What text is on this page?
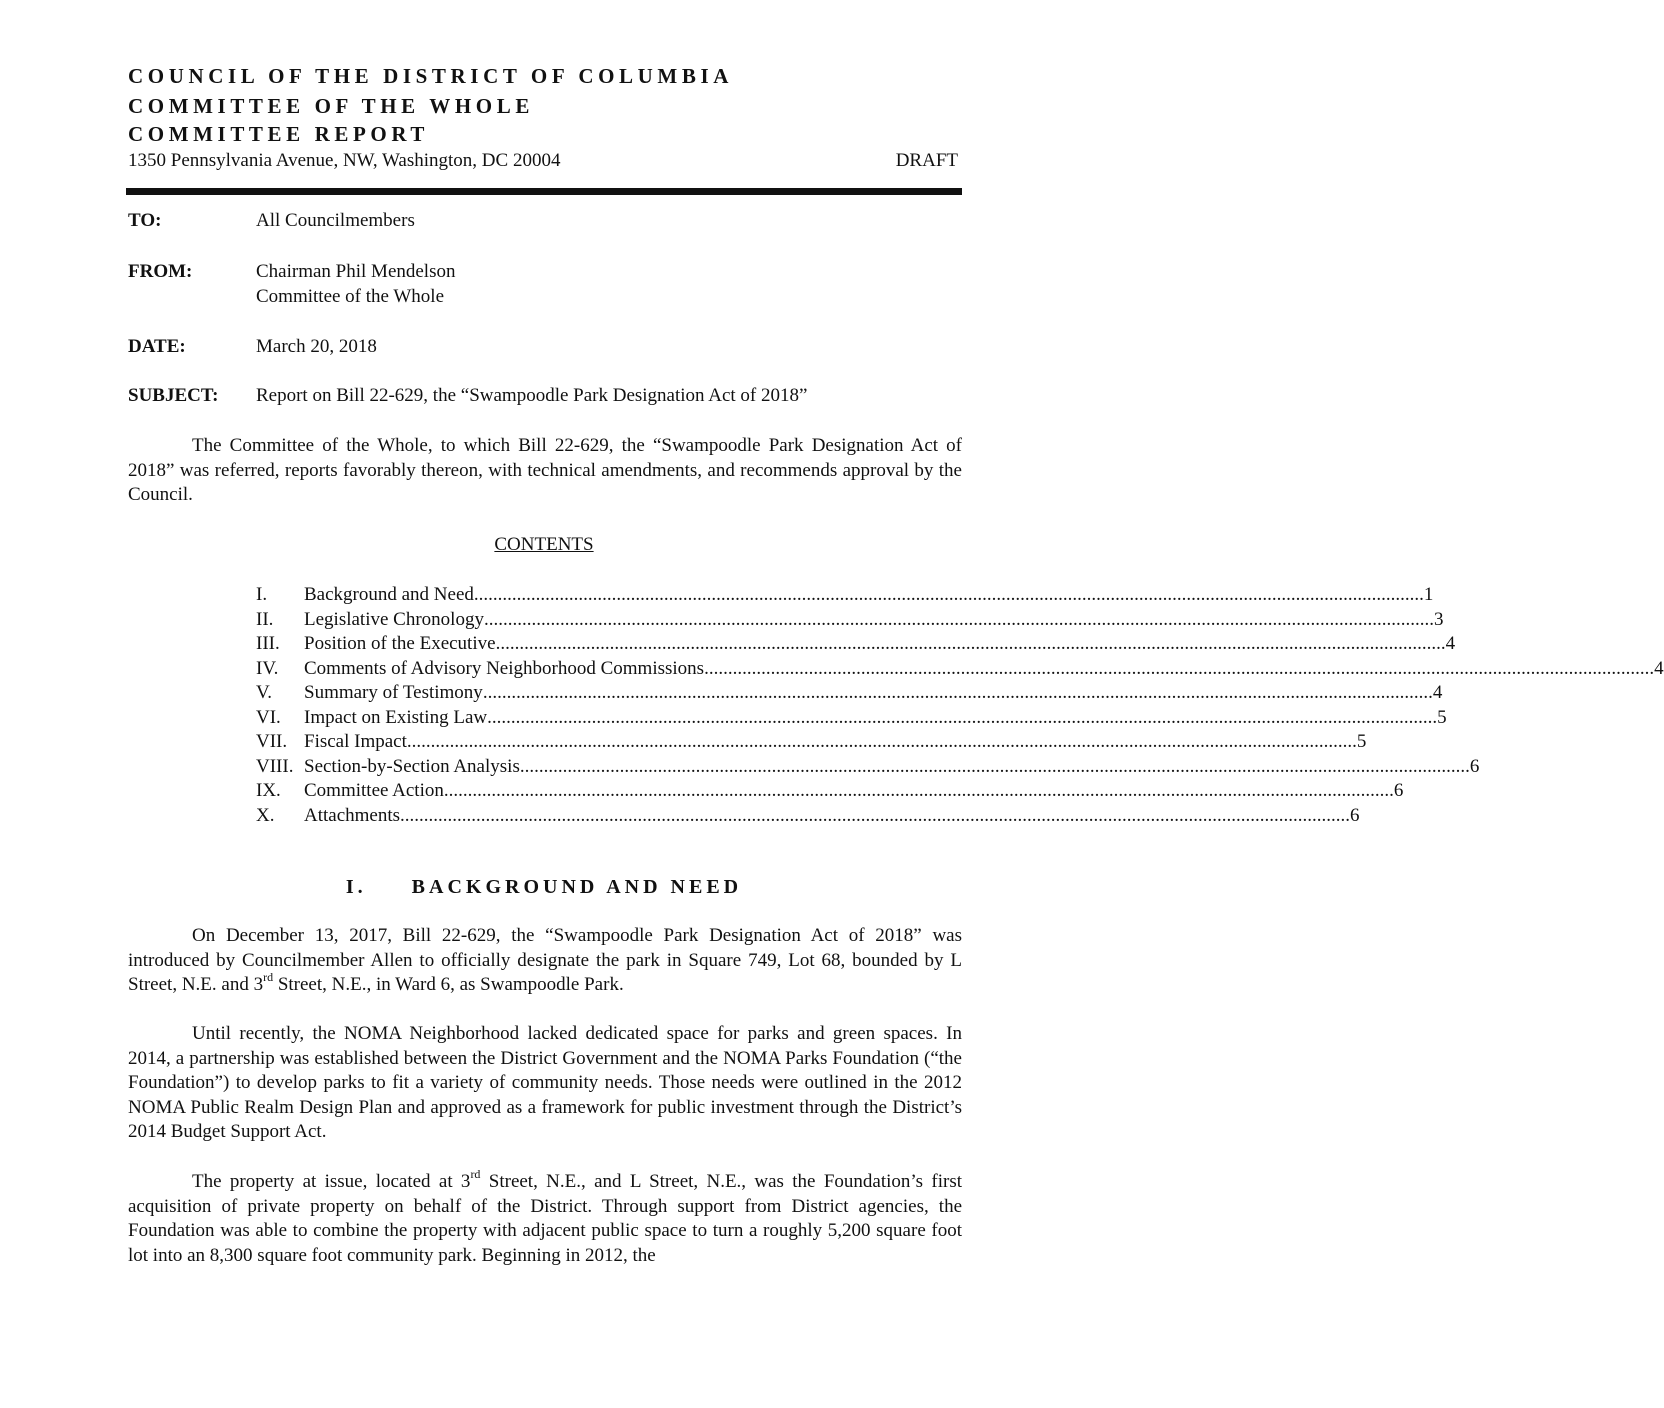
COUNCIL OF THE DISTRICT OF COLUMBIA
COMMITTEE OF THE WHOLE
COMMITTEE REPORT
1350 Pennsylvania Avenue, NW, Washington, DC 20004	DRAFT
TO:	All Councilmembers
FROM:	Chairman Phil Mendelson
Committee of the Whole
DATE:	March 20, 2018
SUBJECT: Report on Bill 22-629, the “Swampoodle Park Designation Act of 2018”
The Committee of the Whole, to which Bill 22-629, the “Swampoodle Park Designation Act of 2018” was referred, reports favorably thereon, with technical amendments, and recommends approval by the Council.
CONTENTS
I. Background and Need ........................................................................................................................................................................................................ 1
II. Legislative Chronology ........................................................................................................................................................................................................ 3
III. Position of the Executive ........................................................................................................................................................................................................ 4
IV. Comments of Advisory Neighborhood Commissions ........................................................................................................................................................................................................ 4
V. Summary of Testimony ........................................................................................................................................................................................................ 4
VI. Impact on Existing Law ........................................................................................................................................................................................................ 5
VII. Fiscal Impact ........................................................................................................................................................................................................ 5
VIII. Section-by-Section Analysis ........................................................................................................................................................................................................ 6
IX. Committee Action ........................................................................................................................................................................................................ 6
X. Attachments ........................................................................................................................................................................................................ 6
I.     BACKGROUND AND NEED
On December 13, 2017, Bill 22-629, the “Swampoodle Park Designation Act of 2018” was introduced by Councilmember Allen to officially designate the park in Square 749, Lot 68, bounded by L Street, N.E. and 3rd Street, N.E., in Ward 6, as Swampoodle Park.
Until recently, the NOMA Neighborhood lacked dedicated space for parks and green spaces. In 2014, a partnership was established between the District Government and the NOMA Parks Foundation (“the Foundation”) to develop parks to fit a variety of community needs. Those needs were outlined in the 2012 NOMA Public Realm Design Plan and approved as a framework for public investment through the District’s 2014 Budget Support Act.
The property at issue, located at 3rd Street, N.E., and L Street, N.E., was the Foundation’s first acquisition of private property on behalf of the District. Through support from District agencies, the Foundation was able to combine the property with adjacent public space to turn a roughly 5,200 square foot lot into an 8,300 square foot community park. Beginning in 2012, the
